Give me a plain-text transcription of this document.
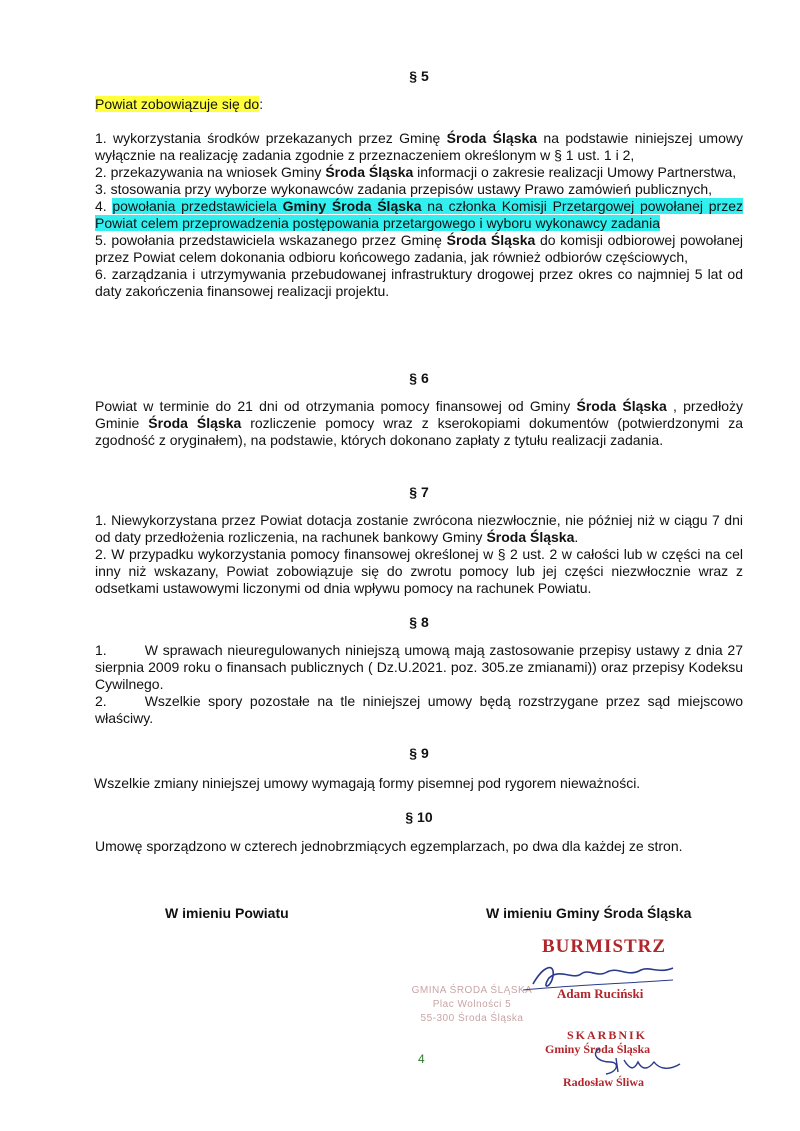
§ 5
Powiat zobowiązuje się do:

1. wykorzystania środków przekazanych przez Gminę Środa Śląska na podstawie niniejszej umowy wyłącznie na realizację zadania zgodnie z przeznaczeniem określonym w § 1 ust. 1 i 2,

2. przekazywania na wniosek Gminy Środa Śląska informacji o zakresie realizacji Umowy Partnerstwa,

3. stosowania przy wyborze wykonawców zadania przepisów ustawy Prawo zamówień publicznych,

4. powołania przedstawiciela Gminy Środa Śląska na członka Komisji Przetargowej powołanej przez Powiat celem przeprowadzenia postępowania przetargowego i wyboru wykonawcy zadania

5. powołania przedstawiciela wskazanego przez Gminę Środa Śląska do komisji odbiorowej powołanej przez Powiat celem dokonania odbioru końcowego zadania, jak również odbiorów częściowych,

6. zarządzania i utrzymywania przebudowanej infrastruktury drogowej przez okres co najmniej 5 lat od daty zakończenia finansowej realizacji projektu.

§ 6

Powiat w terminie do 21 dni od otrzymania pomocy finansowej od Gminy Środa Śląska , przedłoży Gminie Środa Śląska rozliczenie pomocy wraz z kserokopiami dokumentów (potwierdzonymi za zgodność z oryginałem), na podstawie, których dokonano zapłaty z tytułu realizacji zadania.

§ 7

1. Niewykorzystana przez Powiat dotacja zostanie zwrócona niezwłocznie, nie później niż w ciągu 7 dni od daty przedłożenia rozliczenia, na rachunek bankowy Gminy Środa Śląska.

2. W przypadku wykorzystania pomocy finansowej określonej w § 2 ust. 2 w całości lub w części na cel inny niż wskazany, Powiat zobowiązuje się do zwrotu pomocy lub jej części niezwłocznie wraz z odsetkami ustawowymi liczonymi od dnia wpływu pomocy na rachunek Powiatu.

§ 8

1.	W sprawach nieuregulowanych niniejszą umową mają zastosowanie przepisy ustawy z dnia 27 sierpnia 2009 roku o finansach publicznych ( Dz.U.2021. poz. 305.ze zmianami)) oraz przepisy Kodeksu Cywilnego.

2.	Wszelkie spory pozostałe na tle niniejszej umowy będą rozstrzygane przez sąd miejscowo właściwy.

§ 9
Wszelkie zmiany niniejszej umowy wymagają formy pisemnej pod rygorem nieważności.
§ 10
Umowę sporządzono w czterech jednobrzmiących egzemplarzach, po dwa dla każdej ze stron.
W imieniu Powiatu	W imieniu Gminy Środa Śląska
GMINA ŚRODA ŚLĄSKA
Plac Wolności 5
55-300 Środa Śląska
BURMISTRZ
Adam Ruciński
SKARBNIK
Gminy Środa Śląska
Radosław Śliwa
4
